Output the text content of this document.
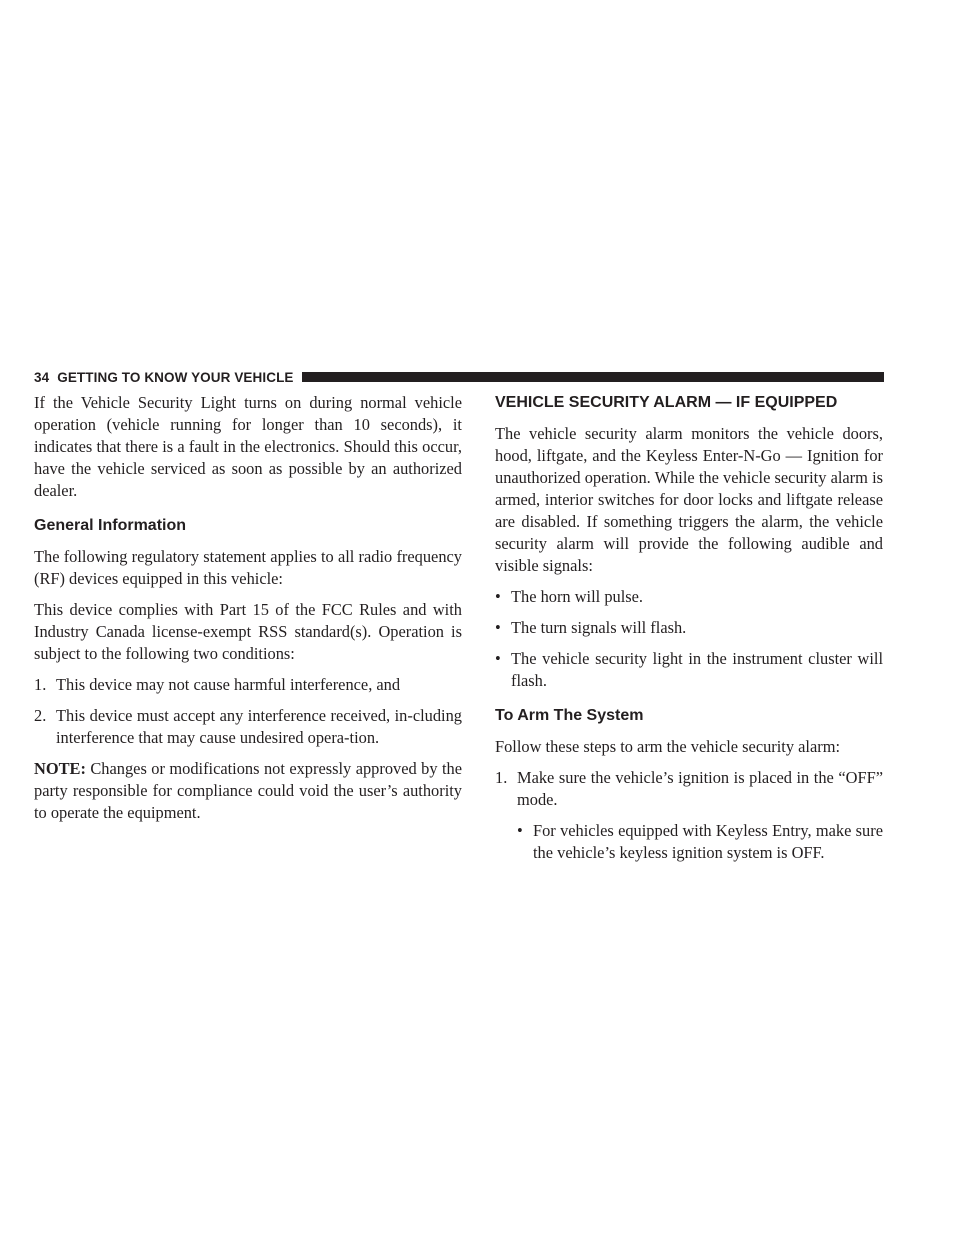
34 GETTING TO KNOW YOUR VEHICLE

If the Vehicle Security Light turns on during normal vehicle operation (vehicle running for longer than 10 seconds), it indicates that there is a fault in the electronics. Should this occur, have the vehicle serviced as soon as possible by an authorized dealer.

General Information

The following regulatory statement applies to all radio frequency (RF) devices equipped in this vehicle:

This device complies with Part 15 of the FCC Rules and with Industry Canada license-exempt RSS standard(s). Operation is subject to the following two conditions:

1. This device may not cause harmful interference, and
2. This device must accept any interference received, in-cluding interference that may cause undesired opera-tion.

NOTE: Changes or modifications not expressly approved by the party responsible for compliance could void the user’s authority to operate the equipment.

VEHICLE SECURITY ALARM — IF EQUIPPED

The vehicle security alarm monitors the vehicle doors, hood, liftgate, and the Keyless Enter-N-Go — Ignition for unauthorized operation. While the vehicle security alarm is armed, interior switches for door locks and liftgate release are disabled. If something triggers the alarm, the vehicle security alarm will provide the following audible and visible signals:

• The horn will pulse.
• The turn signals will flash.
• The vehicle security light in the instrument cluster will flash.
To Arm The System

Follow these steps to arm the vehicle security alarm:

1. Make sure the vehicle’s ignition is placed in the “OFF” mode.
• For vehicles equipped with Keyless Entry, make sure the vehicle’s keyless ignition system is OFF.
